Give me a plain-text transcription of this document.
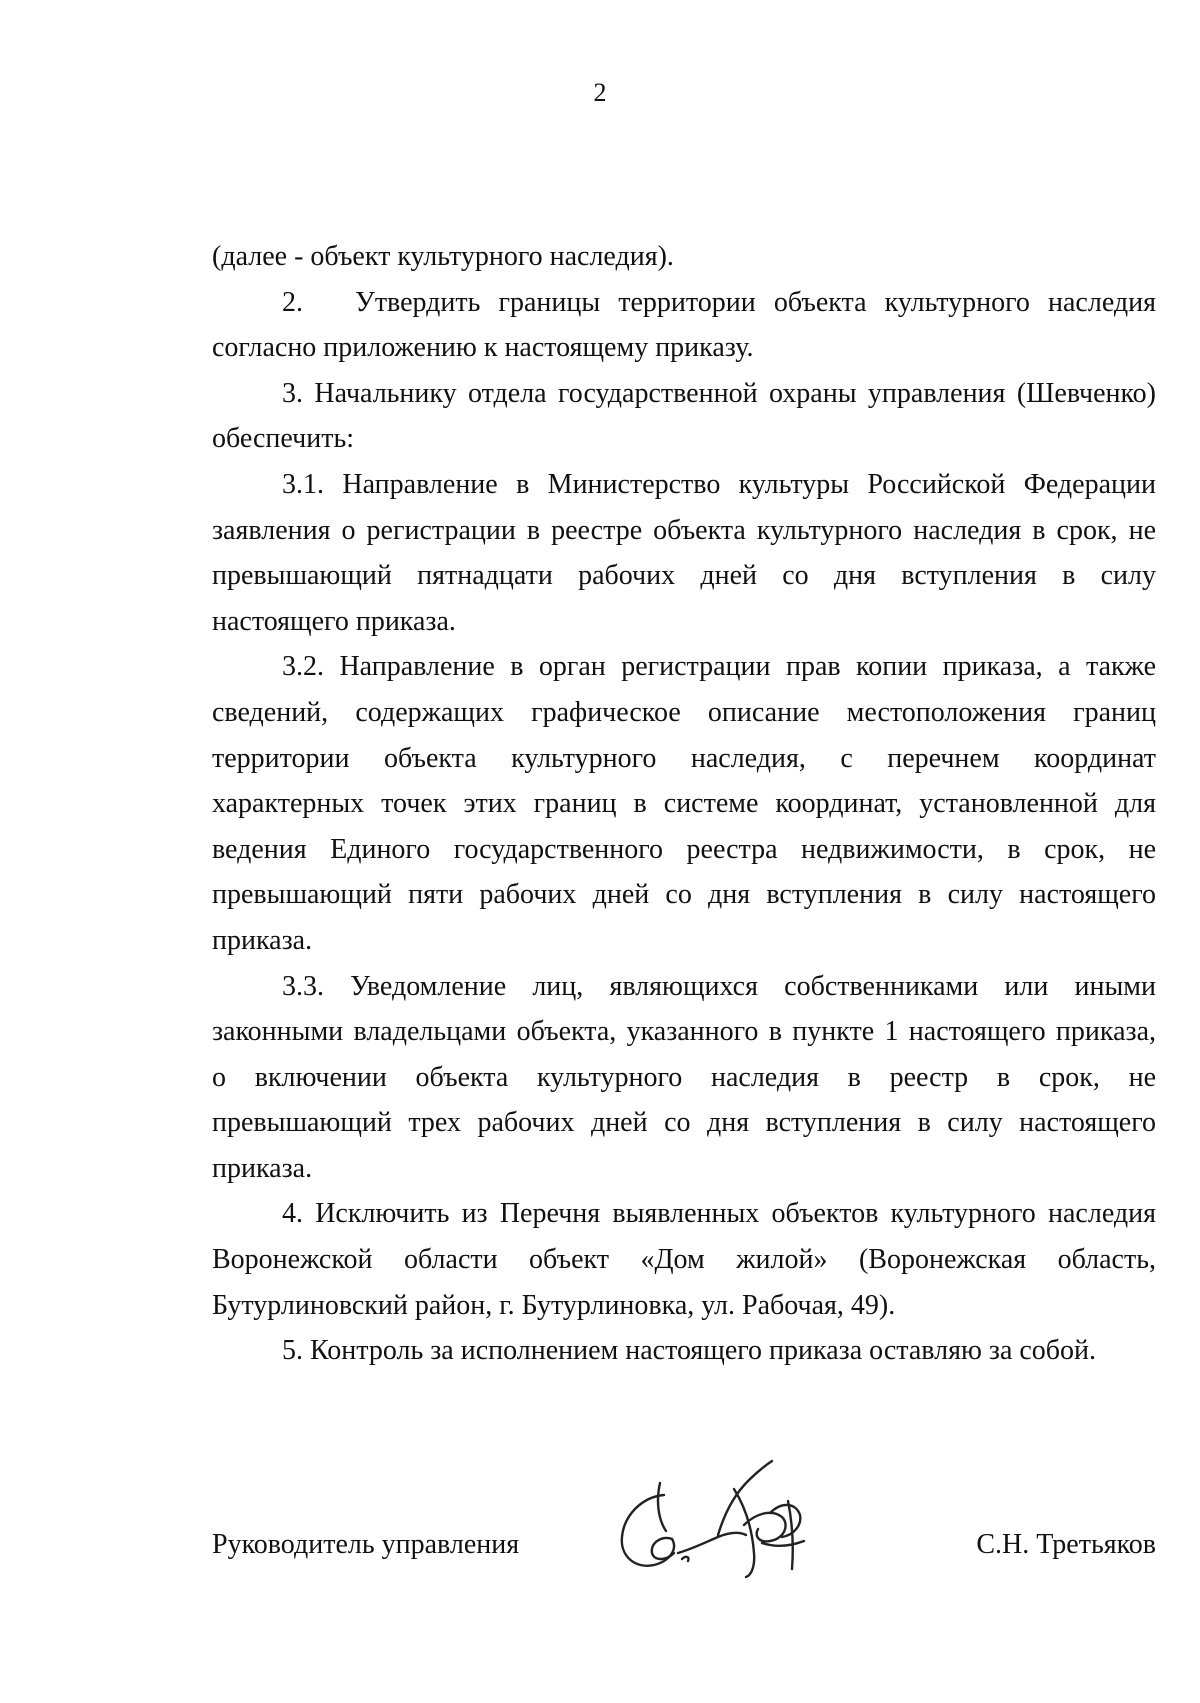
2
(далее - объект культурного наследия).
2. Утвердить границы территории объекта культурного наследия
согласно приложению к настоящему приказу.
3. Начальнику отдела государственной охраны управления (Шевченко)
обеспечить:
3.1. Направление в Министерство культуры Российской Федерации
заявления о регистрации в реестре объекта культурного наследия в срок, не
превышающий пятнадцати рабочих дней со дня вступления в силу
настоящего приказа.
3.2. Направление в орган регистрации прав копии приказа, а также
сведений, содержащих графическое описание местоположения границ
территории объекта культурного наследия, с перечнем координат
характерных точек этих границ в системе координат, установленной для
ведения Единого государственного реестра недвижимости, в срок, не
превышающий пяти рабочих дней со дня вступления в силу настоящего
приказа.
3.3. Уведомление лиц, являющихся собственниками или иными
законными владельцами объекта, указанного в пункте 1 настоящего приказа,
о включении объекта культурного наследия в реестр в срок, не
превышающий трех рабочих дней со дня вступления в силу настоящего
приказа.
4. Исключить из Перечня выявленных объектов культурного наследия
Воронежской области объект «Дом жилой» (Воронежская область,
Бутурлиновский район, г. Бутурлиновка, ул. Рабочая, 49).
5. Контроль за исполнением настоящего приказа оставляю за собой.
Руководитель управления	С.Н. Третьяков
